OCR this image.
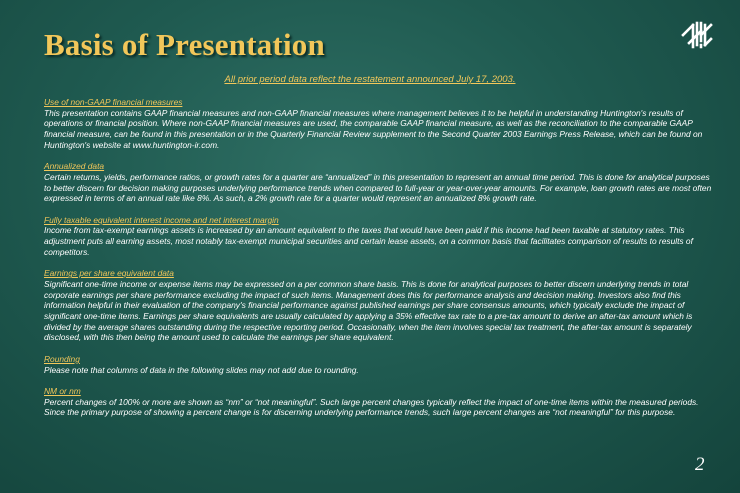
Basis of Presentation
All prior period data reflect the restatement announced July 17, 2003.
Use of non-GAAP financial measures
This presentation contains GAAP financial measures and non-GAAP financial measures where management believes it to be helpful in understanding Huntington's results of operations or financial position. Where non-GAAP financial measures are used, the comparable GAAP financial measure, as well as the reconciliation to the comparable GAAP financial measure, can be found in this presentation or in the Quarterly Financial Review supplement to the Second Quarter 2003 Earnings Press Release, which can be found on Huntington's website at www.huntington-ir.com.
Annualized data
Certain returns, yields, performance ratios, or growth rates for a quarter are “annualized” in this presentation to represent an annual time period. This is done for analytical purposes to better discern for decision making purposes underlying performance trends when compared to full-year or year-over-year amounts. For example, loan growth rates are most often expressed in terms of an annual rate like 8%. As such, a 2% growth rate for a quarter would represent an annualized 8% growth rate.
Fully taxable equivalent interest income and net interest margin
Income from tax-exempt earnings assets is increased by an amount equivalent to the taxes that would have been paid if this income had been taxable at statutory rates. This adjustment puts all earning assets, most notably tax-exempt municipal securities and certain lease assets, on a common basis that facilitates comparison of results to results of competitors.
Earnings per share equivalent data
Significant one-time income or expense items may be expressed on a per common share basis. This is done for analytical purposes to better discern underlying trends in total corporate earnings per share performance excluding the impact of such items. Management does this for performance analysis and decision making. Investors also find this information helpful in their evaluation of the company's financial performance against published earnings per share consensus amounts, which typically exclude the impact of significant one-time items. Earnings per share equivalents are usually calculated by applying a 35% effective tax rate to a pre-tax amount to derive an after-tax amount which is divided by the average shares outstanding during the respective reporting period. Occasionally, when the item involves special tax treatment, the after-tax amount is separately disclosed, with this then being the amount used to calculate the earnings per share equivalent.
Rounding
Please note that columns of data in the following slides may not add due to rounding.
NM or nm
Percent changes of 100% or more are shown as “nm” or “not meaningful”. Such large percent changes typically reflect the impact of one-time items within the measured periods. Since the primary purpose of showing a percent change is for discerning underlying performance trends, such large percent changes are “not meaningful” for this purpose.
2
